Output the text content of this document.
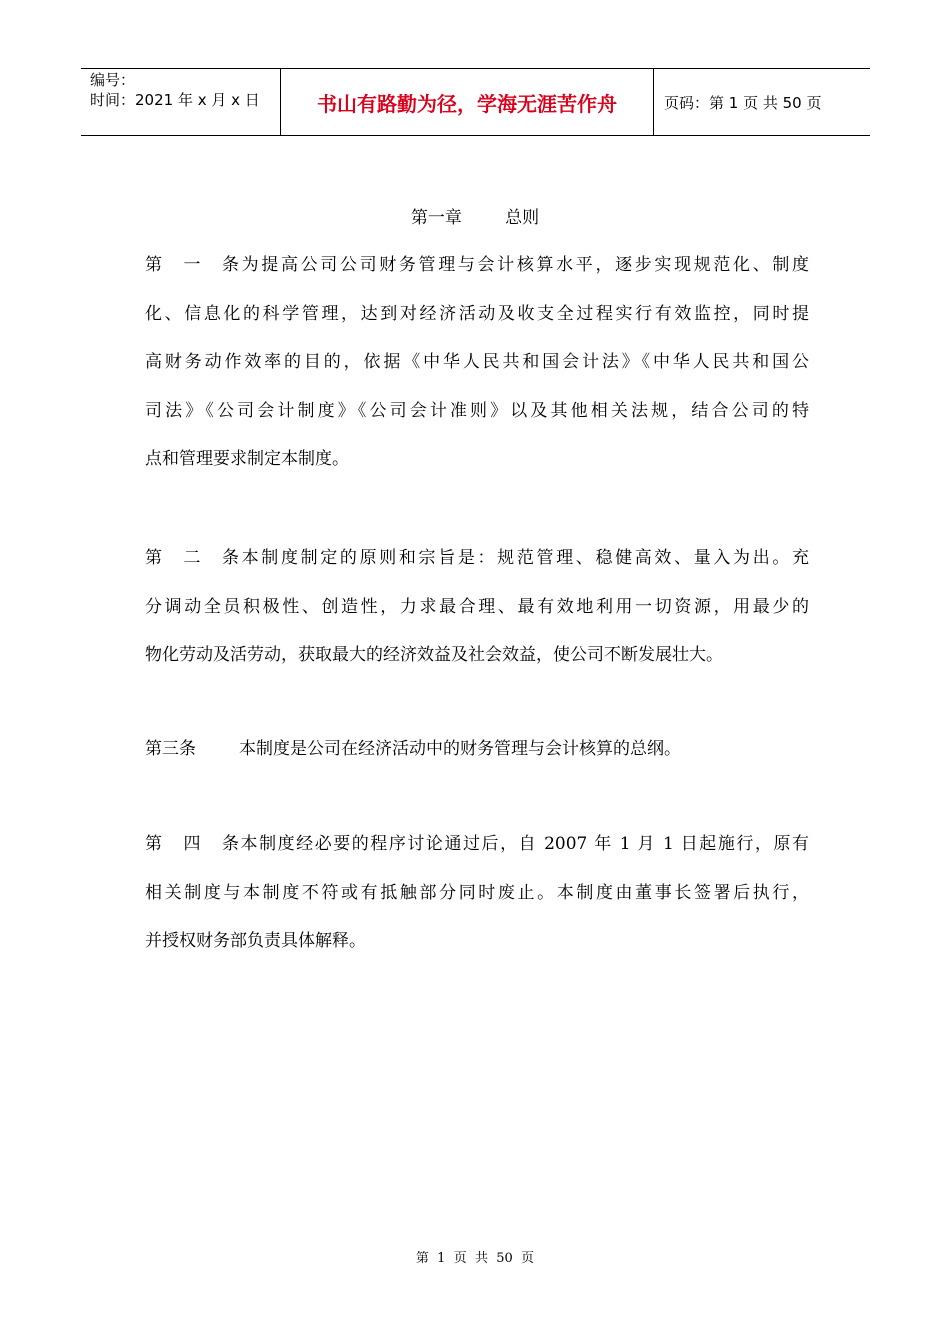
编号：
时间：2021 年 x 月 x 日	书山有路勤为径，学海无涯苦作舟	页码：第 1 页 共 50 页
第一章        总则
第一条为提高公司公司财务管理与会计核算水平，逐步实现规范化、制度
化、信息化的科学管理，达到对经济活动及收支全过程实行有效监控，同时提
高财务动作效率的目的，依据《中华人民共和国会计法》《中华人民共和国公
司法》《公司会计制度》《公司会计准则》以及其他相关法规，结合公司的特
点和管理要求制定本制度。
第二条本制度制定的原则和宗旨是：规范管理、稳健高效、量入为出。充
分调动全员积极性、创造性，力求最合理、最有效地利用一切资源，用最少的
物化劳动及活劳动，获取最大的经济效益及社会效益，使公司不断发展壮大。
第三条	本制度是公司在经济活动中的财务管理与会计核算的总纲。
第四条本制度经必要的程序讨论通过后，自 2007 年 1 月 1 日起施行，原有
相关制度与本制度不符或有抵触部分同时废止。本制度由董事长签署后执行，
并授权财务部负责具体解释。
第  1  页  共  50  页
